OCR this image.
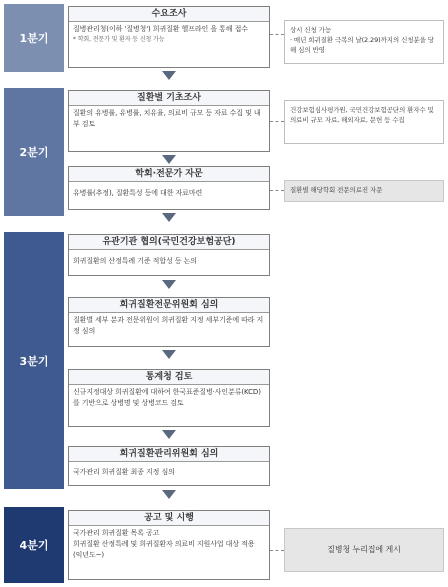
1분기
2분기
3분기
4분기
수요조사
질병관리청(이하 '질병청') 희귀질환 헬프라인 을 통해 접수
* 학회, 전문가 및 환자 등 신청 가능
질환별 기초조사
질환의 유병률, 유병률, 치유율, 의료비 규모 등 자료 수집 및 내부 검토
학회·전문가 자문
유병률(추정), 질환특성 등에 대한 자료마련
유관기관 협의(국민건강보험공단)
희귀질환의 산정특례 기준 적합성 등 논의
희귀질환전문위원회 심의
질환별 세부 분과 전문위원이 희귀질환 지정 세부기준에 따라 지정 심의
통계청 검토
신규지정대상 희귀질환에 대하여 한국표준질병·사인분류(KCD)를 기반으로 상병명 및 상병코드 검토
희귀질환관리위원회 심의
국가관리 희귀질환 최종 지정 심의
공고 및 시행
국가관리 희귀질환 목록 공고
희귀질환 산정특례 및 희귀질환자 의료비 지원사업 대상 적용 (익년도~)
상시 신청 가능
· 매년 희귀질환 극복의 날(2.29)까지의 신청분을 당해 심의 반영
건강보험심사평가원, 국민건강보험공단의 환자수 및 의료비 규모 자료, 해외자료, 문헌 등 수집
질환별 해당학회 전문의료진 자문
질병청 누리집에 게시
